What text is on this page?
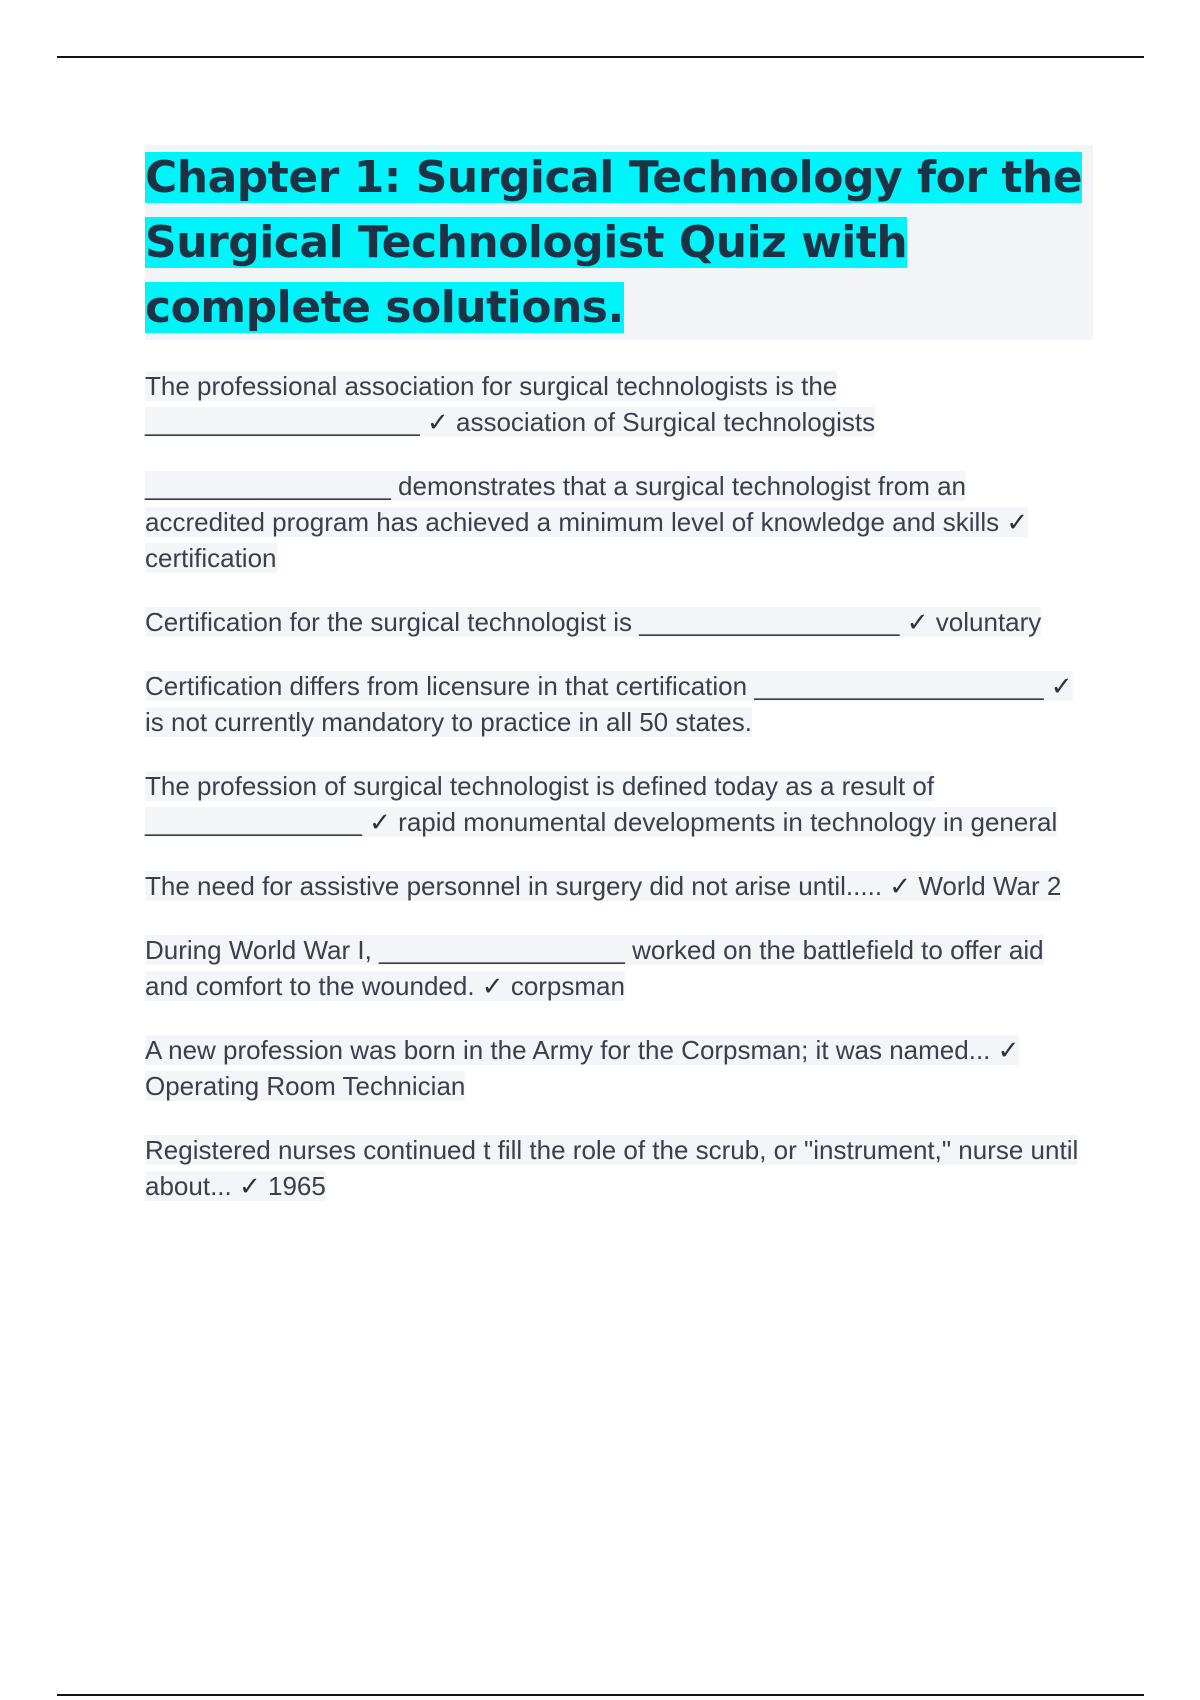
Chapter 1: Surgical Technology for the Surgical Technologist Quiz with complete solutions.

The professional association for surgical technologists is the ___________________ ✓ association of Surgical technologists

_________________ demonstrates that a surgical technologist from an accredited program has achieved a minimum level of knowledge and skills ✓ certification

Certification for the surgical technologist is __________________ ✓ voluntary

Certification differs from licensure in that certification ____________________ ✓ is not currently mandatory to practice in all 50 states.

The profession of surgical technologist is defined today as a result of _______________ ✓ rapid monumental developments in technology in general

The need for assistive personnel in surgery did not arise until..... ✓ World War 2

During World War I, _________________ worked on the battlefield to offer aid and comfort to the wounded. ✓ corpsman

A new profession was born in the Army for the Corpsman; it was named... ✓ Operating Room Technician

Registered nurses continued t fill the role of the scrub, or "instrument," nurse until about... ✓ 1965
